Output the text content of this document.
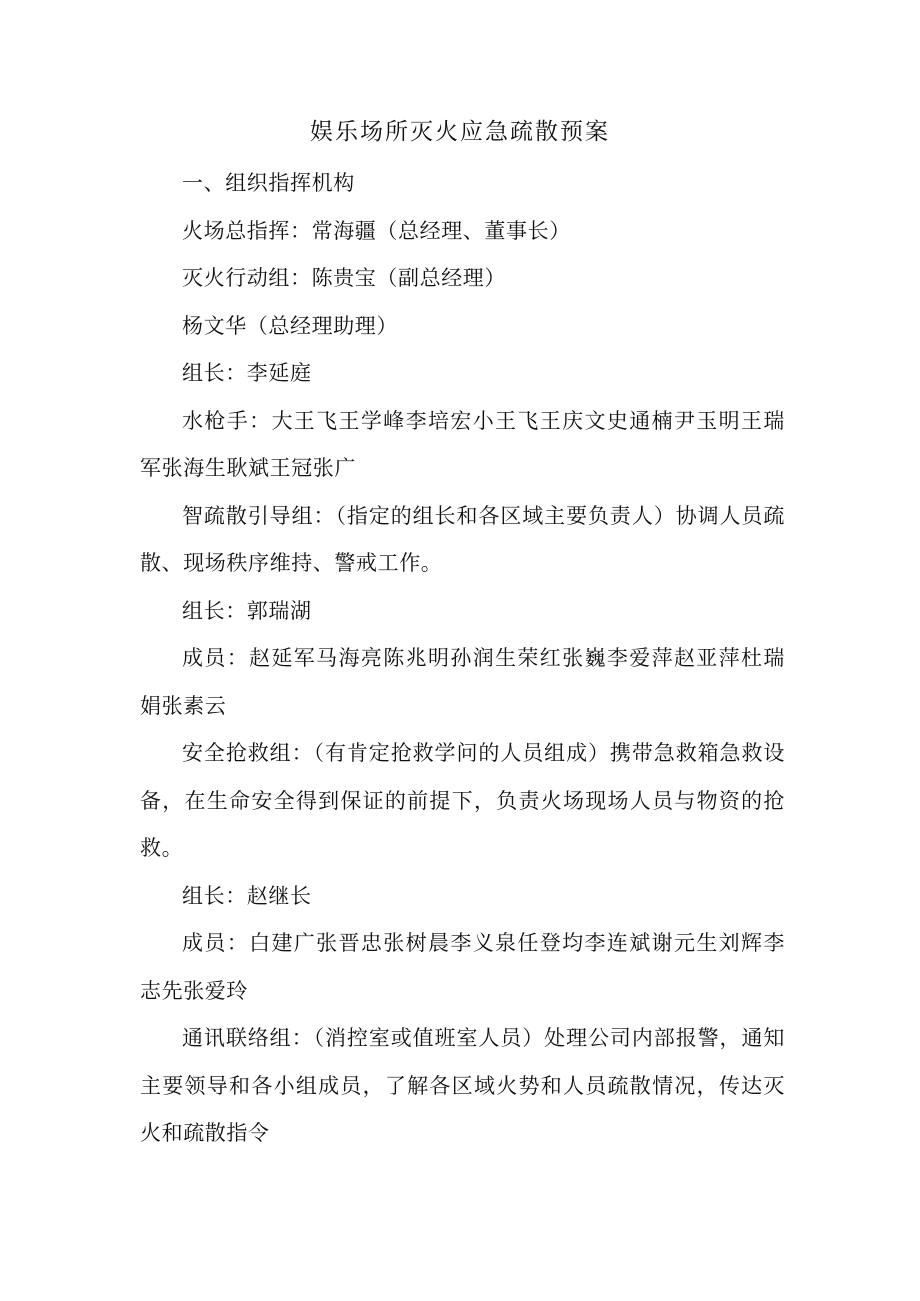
娱乐场所灭火应急疏散预案

一、组织指挥机构

火场总指挥：常海疆（总经理、董事长）

灭火行动组：陈贵宝（副总经理）

杨文华（总经理助理）

组长：李延庭

水枪手：大王飞王学峰李培宏小王飞王庆文史通楠尹玉明王瑞军张海生耿斌王冠张广

智疏散引导组：（指定的组长和各区域主要负责人）协调人员疏散、现场秩序维持、警戒工作。

组长：郭瑞湖

成员：赵延军马海亮陈兆明孙润生荣红张巍李爱萍赵亚萍杜瑞娟张素云

安全抢救组：（有肯定抢救学问的人员组成）携带急救箱急救设备，在生命安全得到保证的前提下，负责火场现场人员与物资的抢救。

组长：赵继长

成员：白建广张晋忠张树晨李义泉任登均李连斌谢元生刘辉李志先张爱玲

通讯联络组：（消控室或值班室人员）处理公司内部报警，通知主要领导和各小组成员，了解各区域火势和人员疏散情况，传达灭火和疏散指令
